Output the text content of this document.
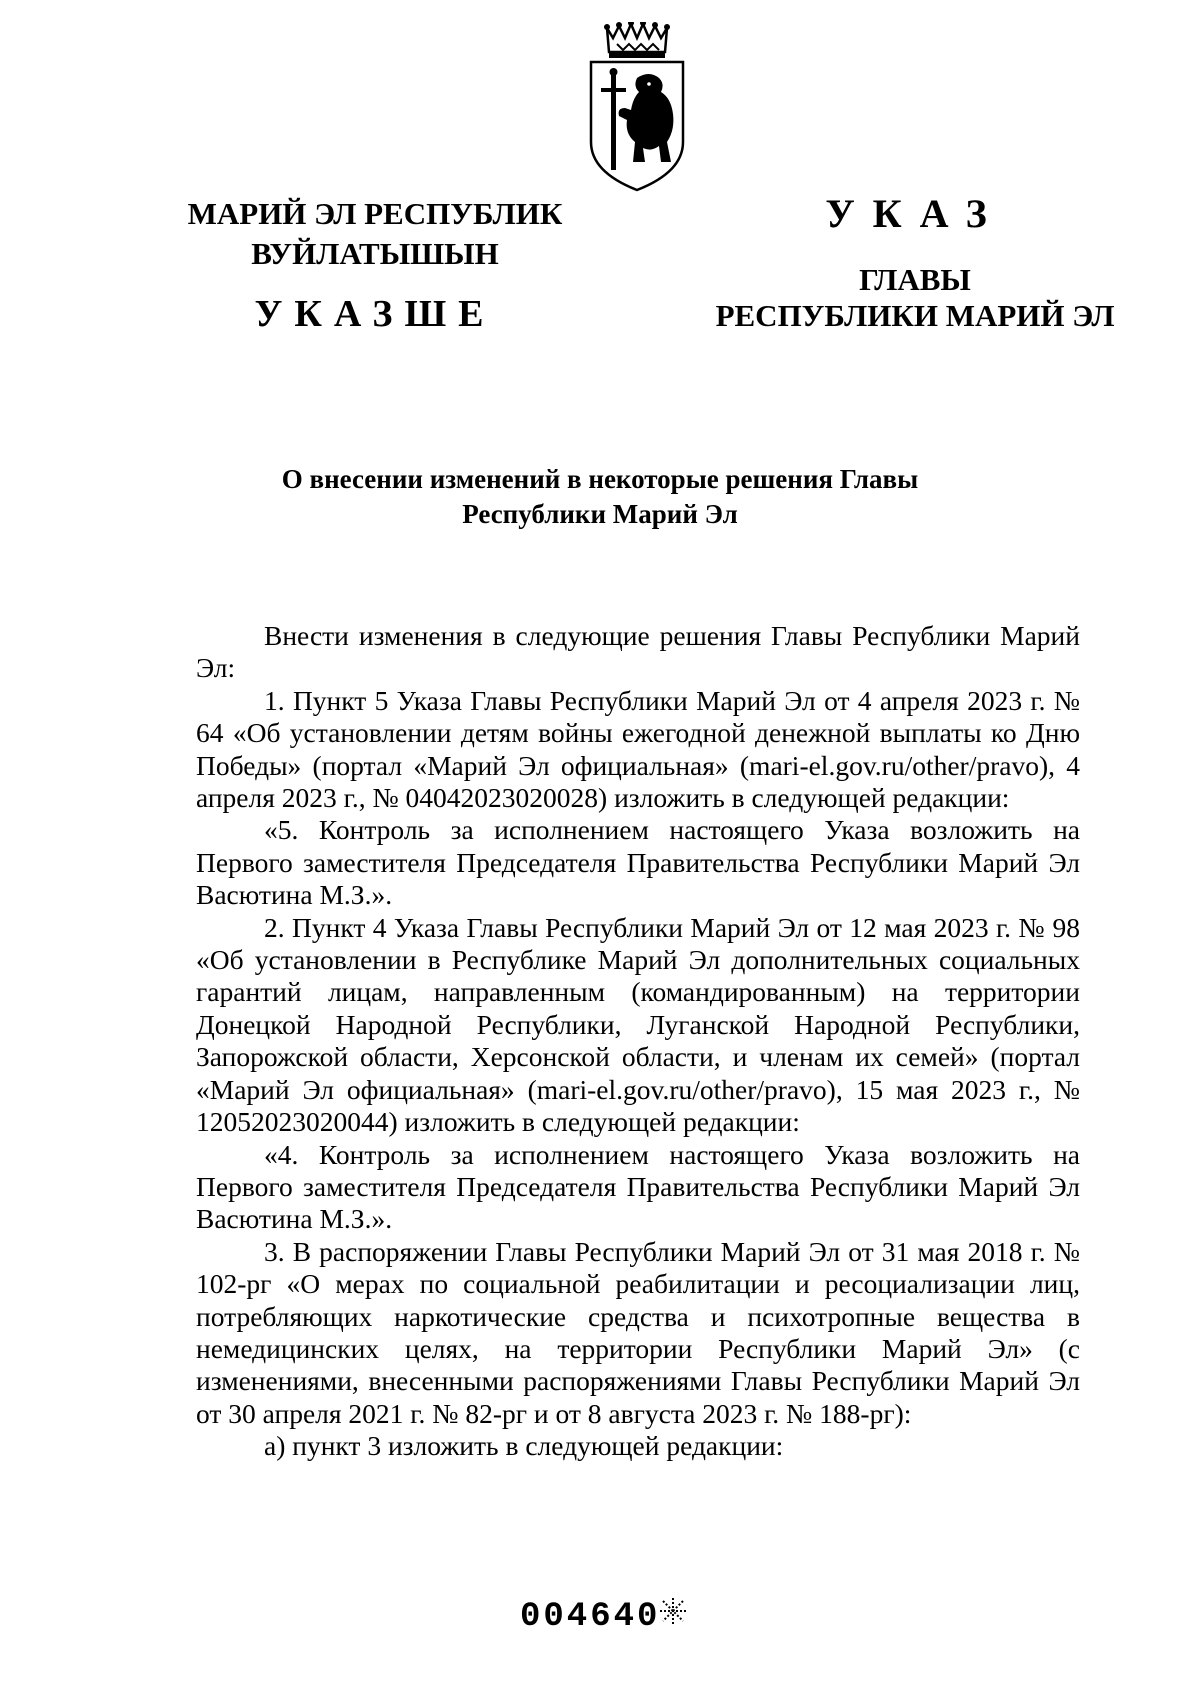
МАРИЙ ЭЛ РЕСПУБЛИК
ВУЙЛАТЫШЫН
УКАЗШЕ
УКАЗ
ГЛАВЫ
РЕСПУБЛИКИ МАРИЙ ЭЛ
О внесении изменений в некоторые решения Главы
Республики Марий Эл

Внести изменения в следующие решения Главы Республики Марий Эл:

1. Пункт 5 Указа Главы Республики Марий Эл от 4 апреля 2023 г. № 64 «Об установлении детям войны ежегодной денежной выплаты ко Дню Победы» (портал «Марий Эл официальная» (mari-el.gov.ru/other/pravo), 4 апреля 2023 г., № 04042023020028) изложить в следующей редакции:

«5. Контроль за исполнением настоящего Указа возложить на Первого заместителя Председателя Правительства Республики Марий Эл Васютина М.З.».

2. Пункт 4 Указа Главы Республики Марий Эл от 12 мая 2023 г. № 98 «Об установлении в Республике Марий Эл дополнительных социальных гарантий лицам, направленным (командированным) на территории Донецкой Народной Республики, Луганской Народной Республики, Запорожской области, Херсонской области, и членам их семей» (портал «Марий Эл официальная» (mari-el.gov.ru/other/pravo), 15 мая 2023 г., № 12052023020044) изложить в следующей редакции:

«4. Контроль за исполнением настоящего Указа возложить на Первого заместителя Председателя Правительства Республики Марий Эл Васютина М.З.».

3. В распоряжении Главы Республики Марий Эл от 31 мая 2018 г. № 102-рг «О мерах по социальной реабилитации и ресоциализации лиц, потребляющих наркотические средства и психотропные вещества в немедицинских целях, на территории Республики Марий Эл» (с изменениями, внесенными распоряжениями Главы Республики Марий Эл от 30 апреля 2021 г. № 82-рг и от 8 августа 2023 г. № 188-рг):

а) пункт 3 изложить в следующей редакции:

004640
